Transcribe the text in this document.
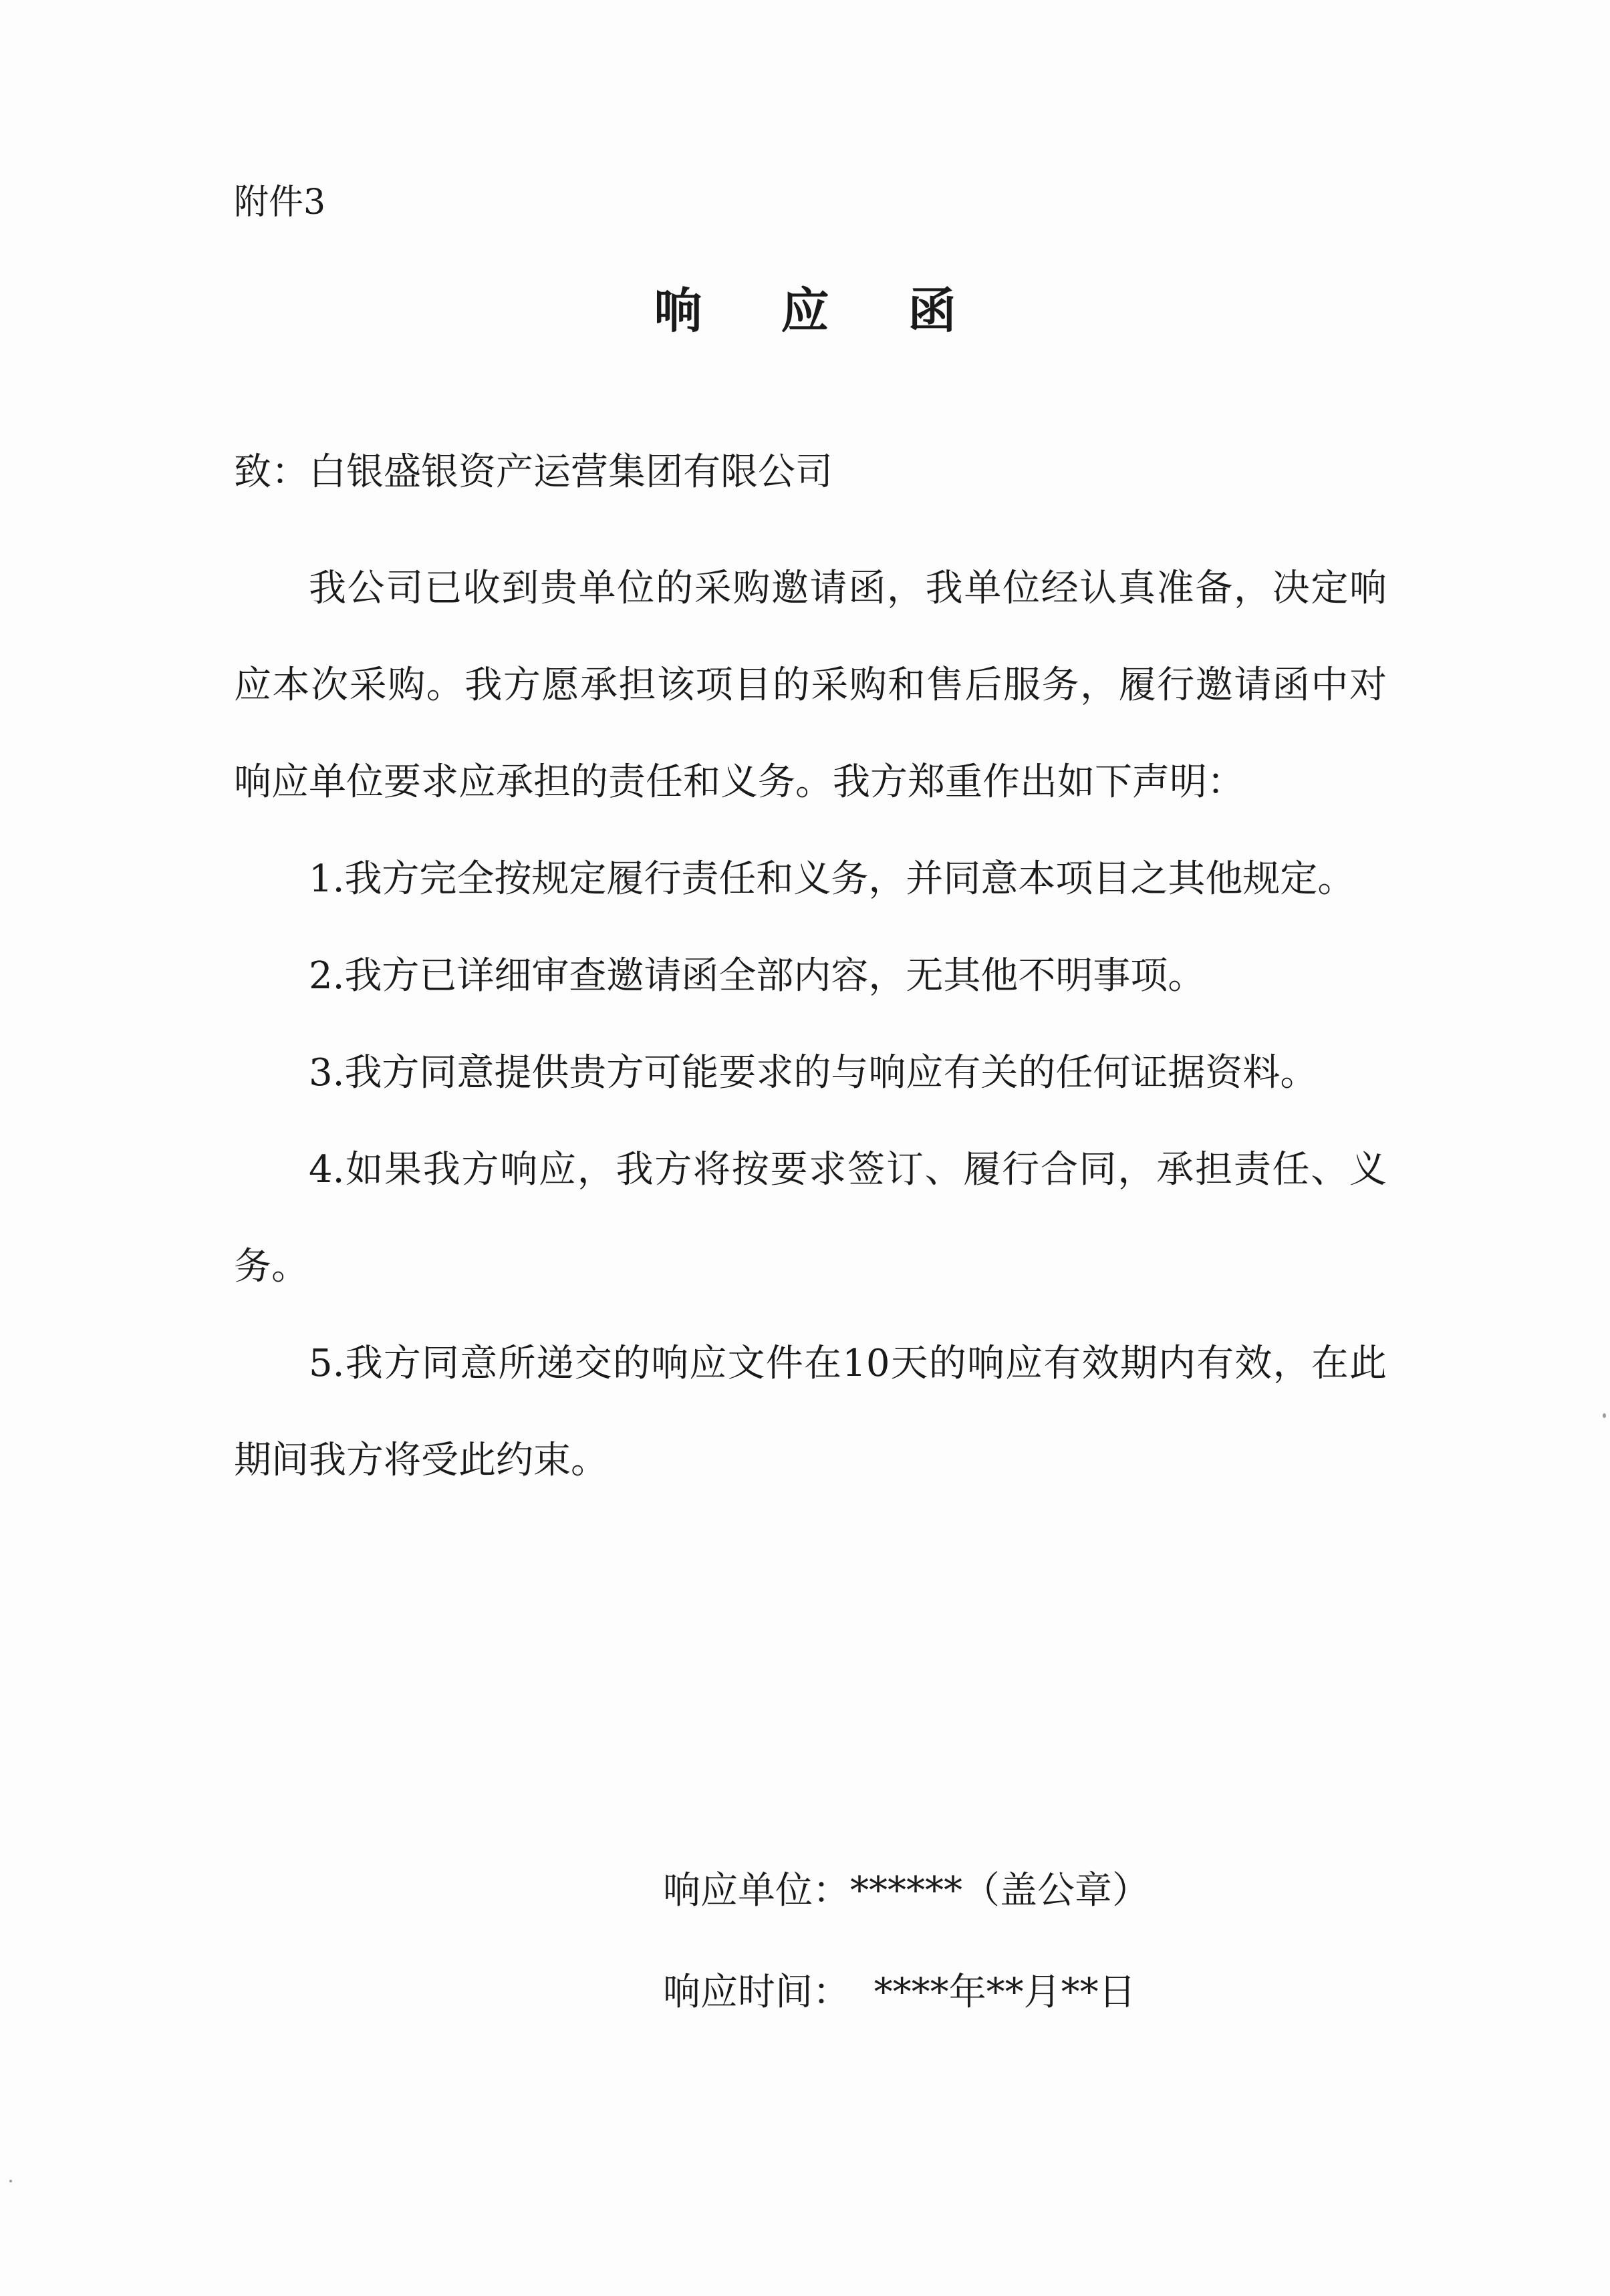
附件3
响应函
致：白银盛银资产运营集团有限公司

我公司已收到贵单位的采购邀请函，我单位经认真准备，决定响应本次采购。我方愿承担该项目的采购和售后服务，履行邀请函中对响应单位要求应承担的责任和义务。我方郑重作出如下声明：

1.我方完全按规定履行责任和义务，并同意本项目之其他规定。

2.我方已详细审查邀请函全部内容，无其他不明事项。

3.我方同意提供贵方可能要求的与响应有关的任何证据资料。

4.如果我方响应，我方将按要求签订、履行合同，承担责任、义务。

5.我方同意所递交的响应文件在10天的响应有效期内有效，在此期间我方将受此约束。

响应单位：******（盖公章）
响应时间：  ****年**月**日
